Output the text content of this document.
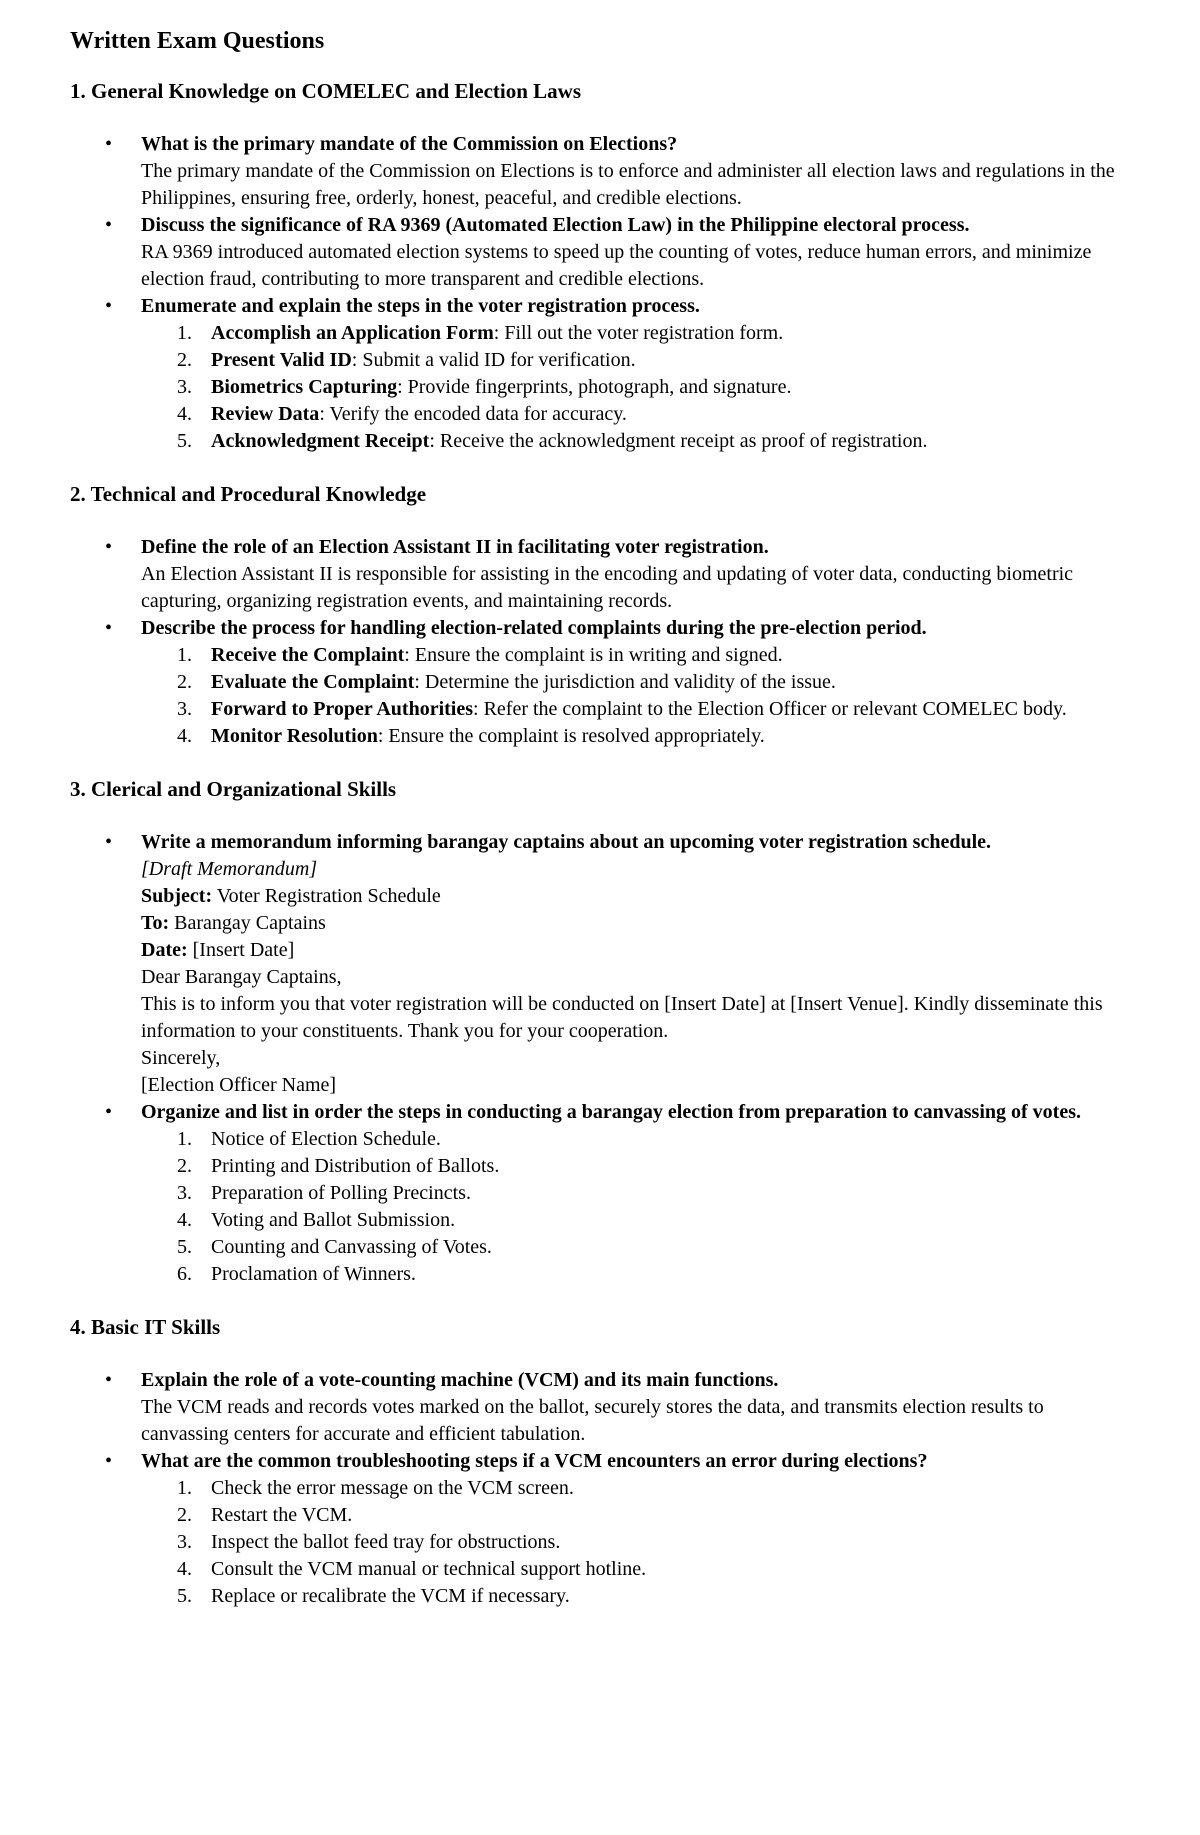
Written Exam Questions
1. General Knowledge on COMELEC and Election Laws
• What is the primary mandate of the Commission on Elections?
The primary mandate of the Commission on Elections is to enforce and administer all election laws and regulations in the Philippines, ensuring free, orderly, honest, peaceful, and credible elections.
• Discuss the significance of RA 9369 (Automated Election Law) in the Philippine electoral process.
RA 9369 introduced automated election systems to speed up the counting of votes, reduce human errors, and minimize election fraud, contributing to more transparent and credible elections.
• Enumerate and explain the steps in the voter registration process.
1. Accomplish an Application Form: Fill out the voter registration form.
2. Present Valid ID: Submit a valid ID for verification.
3. Biometrics Capturing: Provide fingerprints, photograph, and signature.
4. Review Data: Verify the encoded data for accuracy.
5. Acknowledgment Receipt: Receive the acknowledgment receipt as proof of registration.
2. Technical and Procedural Knowledge
• Define the role of an Election Assistant II in facilitating voter registration.
An Election Assistant II is responsible for assisting in the encoding and updating of voter data, conducting biometric capturing, organizing registration events, and maintaining records.
• Describe the process for handling election-related complaints during the pre-election period.
1. Receive the Complaint: Ensure the complaint is in writing and signed.
2. Evaluate the Complaint: Determine the jurisdiction and validity of the issue.
3. Forward to Proper Authorities: Refer the complaint to the Election Officer or relevant COMELEC body.
4. Monitor Resolution: Ensure the complaint is resolved appropriately.
3. Clerical and Organizational Skills
• Write a memorandum informing barangay captains about an upcoming voter registration schedule.
[Draft Memorandum]
Subject: Voter Registration Schedule
To: Barangay Captains
Date: [Insert Date]
Dear Barangay Captains,
This is to inform you that voter registration will be conducted on [Insert Date] at [Insert Venue]. Kindly disseminate this information to your constituents. Thank you for your cooperation.
Sincerely,
[Election Officer Name]
• Organize and list in order the steps in conducting a barangay election from preparation to canvassing of votes.
1. Notice of Election Schedule.
2. Printing and Distribution of Ballots.
3. Preparation of Polling Precincts.
4. Voting and Ballot Submission.
5. Counting and Canvassing of Votes.
6. Proclamation of Winners.
4. Basic IT Skills
• Explain the role of a vote-counting machine (VCM) and its main functions.
The VCM reads and records votes marked on the ballot, securely stores the data, and transmits election results to canvassing centers for accurate and efficient tabulation.
• What are the common troubleshooting steps if a VCM encounters an error during elections?
1. Check the error message on the VCM screen.
2. Restart the VCM.
3. Inspect the ballot feed tray for obstructions.
4. Consult the VCM manual or technical support hotline.
5. Replace or recalibrate the VCM if necessary.
